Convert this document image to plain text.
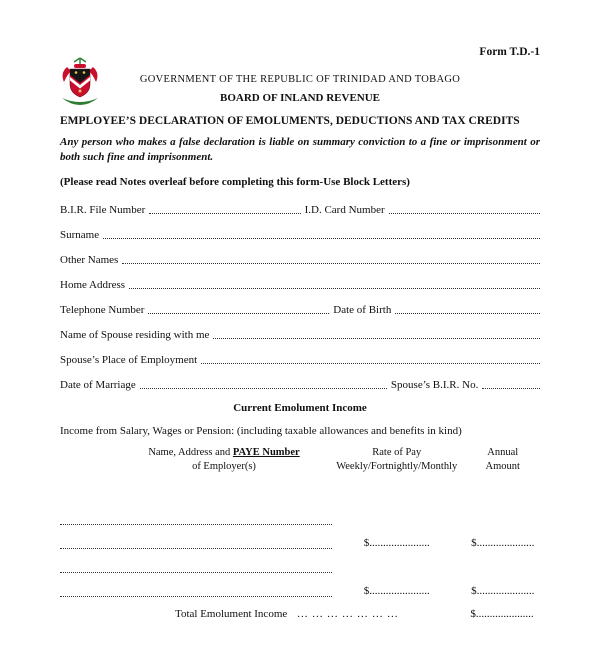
Form T.D.-1
GOVERNMENT OF THE REPUBLIC OF TRINIDAD AND TOBAGO
BOARD OF INLAND REVENUE
EMPLOYEE’S DECLARATION OF EMOLUMENTS, DEDUCTIONS AND TAX CREDITS
Any person who makes a false declaration is liable on summary conviction to a fine or imprisonment or both such fine and imprisonment.
(Please read Notes overleaf before completing this form-Use Block Letters)
B.I.R. File Number	I.D. Card Number
Surname
Other Names
Home Address
Telephone Number	Date of Birth
Name of Spouse residing with me
Spouse’s Place of Employment
Date of Marriage	Spouse’s B.I.R. No.
Current Emolument Income
Income from Salary, Wages or Pension: (including taxable allowances and benefits in kind)
Name, Address and PAYE Number
of Employer(s)
Rate of Pay
Weekly/Fortnightly/Monthly
Annual
Amount
$......................	$.....................
$......................	$.....................
Total Emolument Income ... ... ... ... ... ... ...	$.....................
